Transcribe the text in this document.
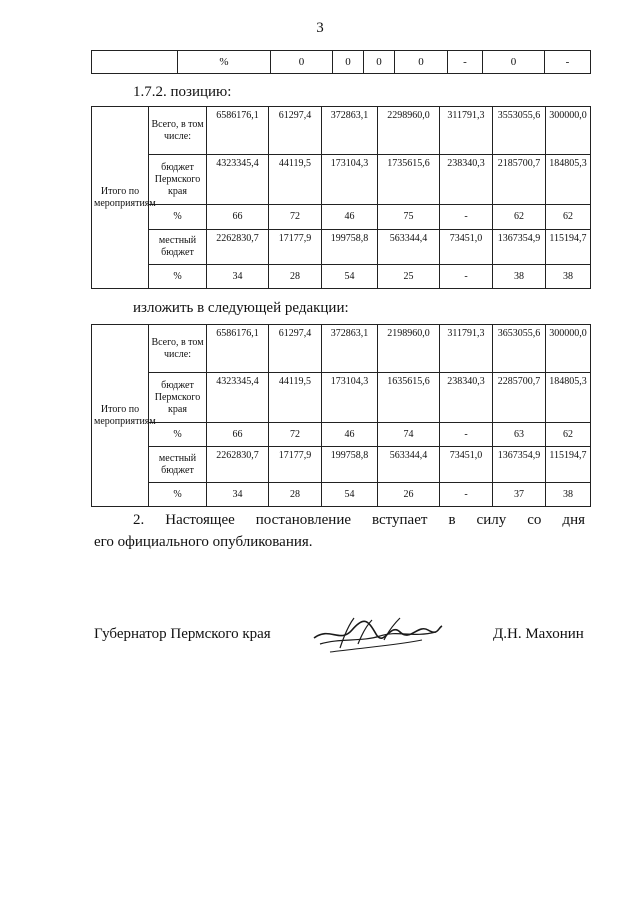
3
	%	0	0	0	0	-	0	-
1.7.2. позицию:
Итого по мероприятиям	Всего, в том числе:	6586176,1	61297,4	372863,1	2298960,0	311791,3	3553055,6	300000,0
	бюджет Пермского края	4323345,4	44119,5	173104,3	1735615,6	238340,3	2185700,7	184805,3
	%	66	72	46	75	-	62	62
	местный бюджет	2262830,7	17177,9	199758,8	563344,4	73451,0	1367354,9	115194,7
	%	34	28	54	25	-	38	38
изложить в следующей редакции:
Итого по мероприятиям	Всего, в том числе:	6586176,1	61297,4	372863,1	2198960,0	311791,3	3653055,6	300000,0
	бюджет Пермского края	4323345,4	44119,5	173104,3	1635615,6	238340,3	2285700,7	184805,3
	%	66	72	46	74	-	63	62
	местный бюджет	2262830,7	17177,9	199758,8	563344,4	73451,0	1367354,9	115194,7
	%	34	28	54	26	-	37	38
2. Настоящее постановление вступает в силу со дня
его официального опубликования.
Губернатор Пермского края	Д.Н. Махонин
